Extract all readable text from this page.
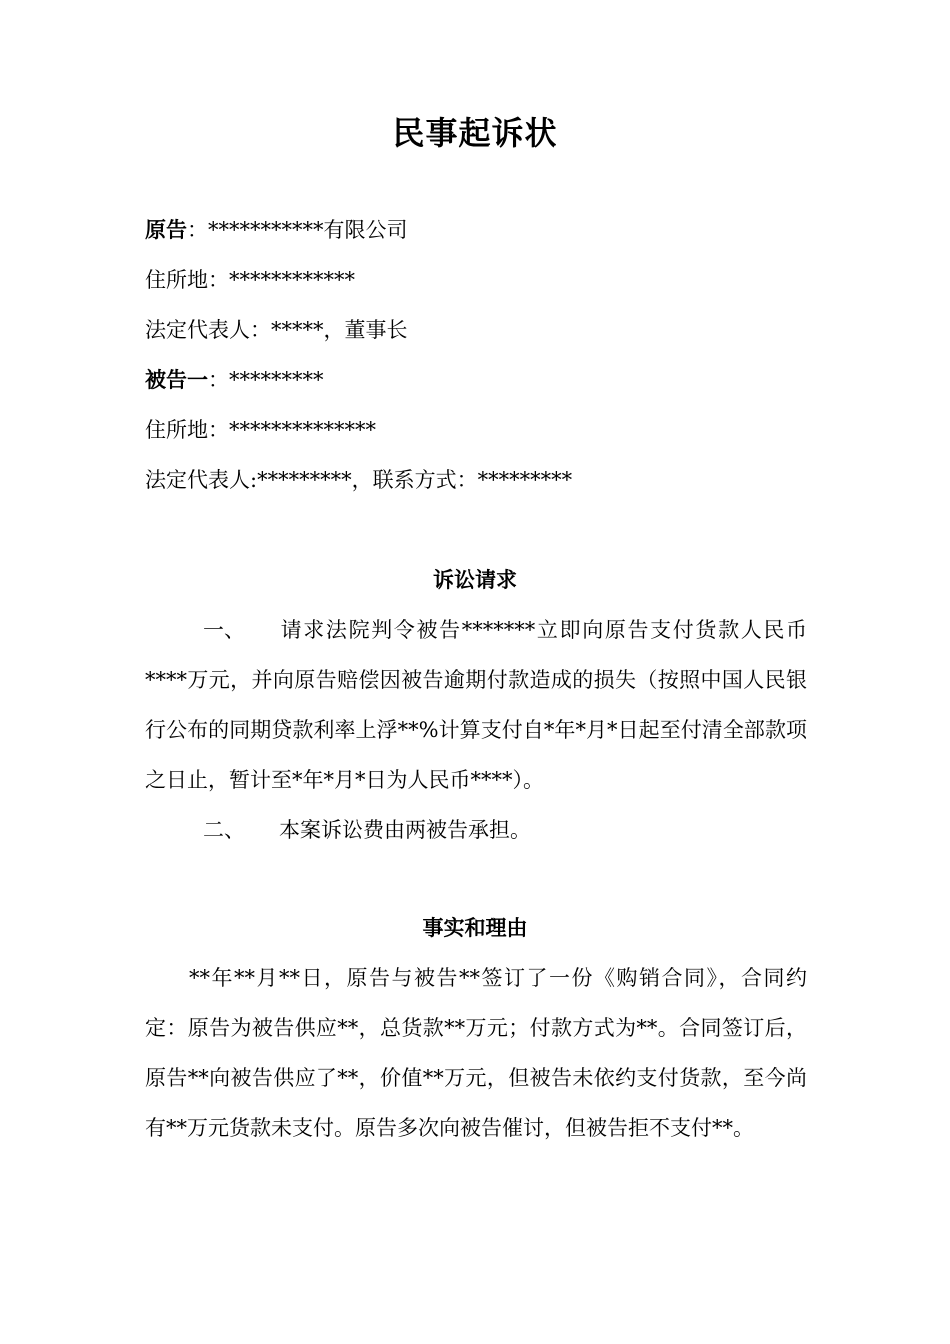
民事起诉状
原告：***********有限公司
住所地：************
法定代表人：*****，董事长
被告一：*********
住所地：**************
法定代表人:*********，联系方式：*********
诉讼请求
一、 请求法院判令被告*******立即向原告支付货款人民币****万元，并向原告赔偿因被告逾期付款造成的损失（按照中国人民银行公布的同期贷款利率上浮**%计算支付自*年*月*日起至付清全部款项之日止，暂计至*年*月*日为人民币****）。
二、 本案诉讼费由两被告承担。
事实和理由
**年**月**日，原告与被告**签订了一份《购销合同》，合同约定：原告为被告供应**，总货款**万元；付款方式为**。合同签订后，原告**向被告供应了**，价值**万元，但被告未依约支付货款，至今尚有**万元货款未支付。原告多次向被告催讨，但被告拒不支付**。
